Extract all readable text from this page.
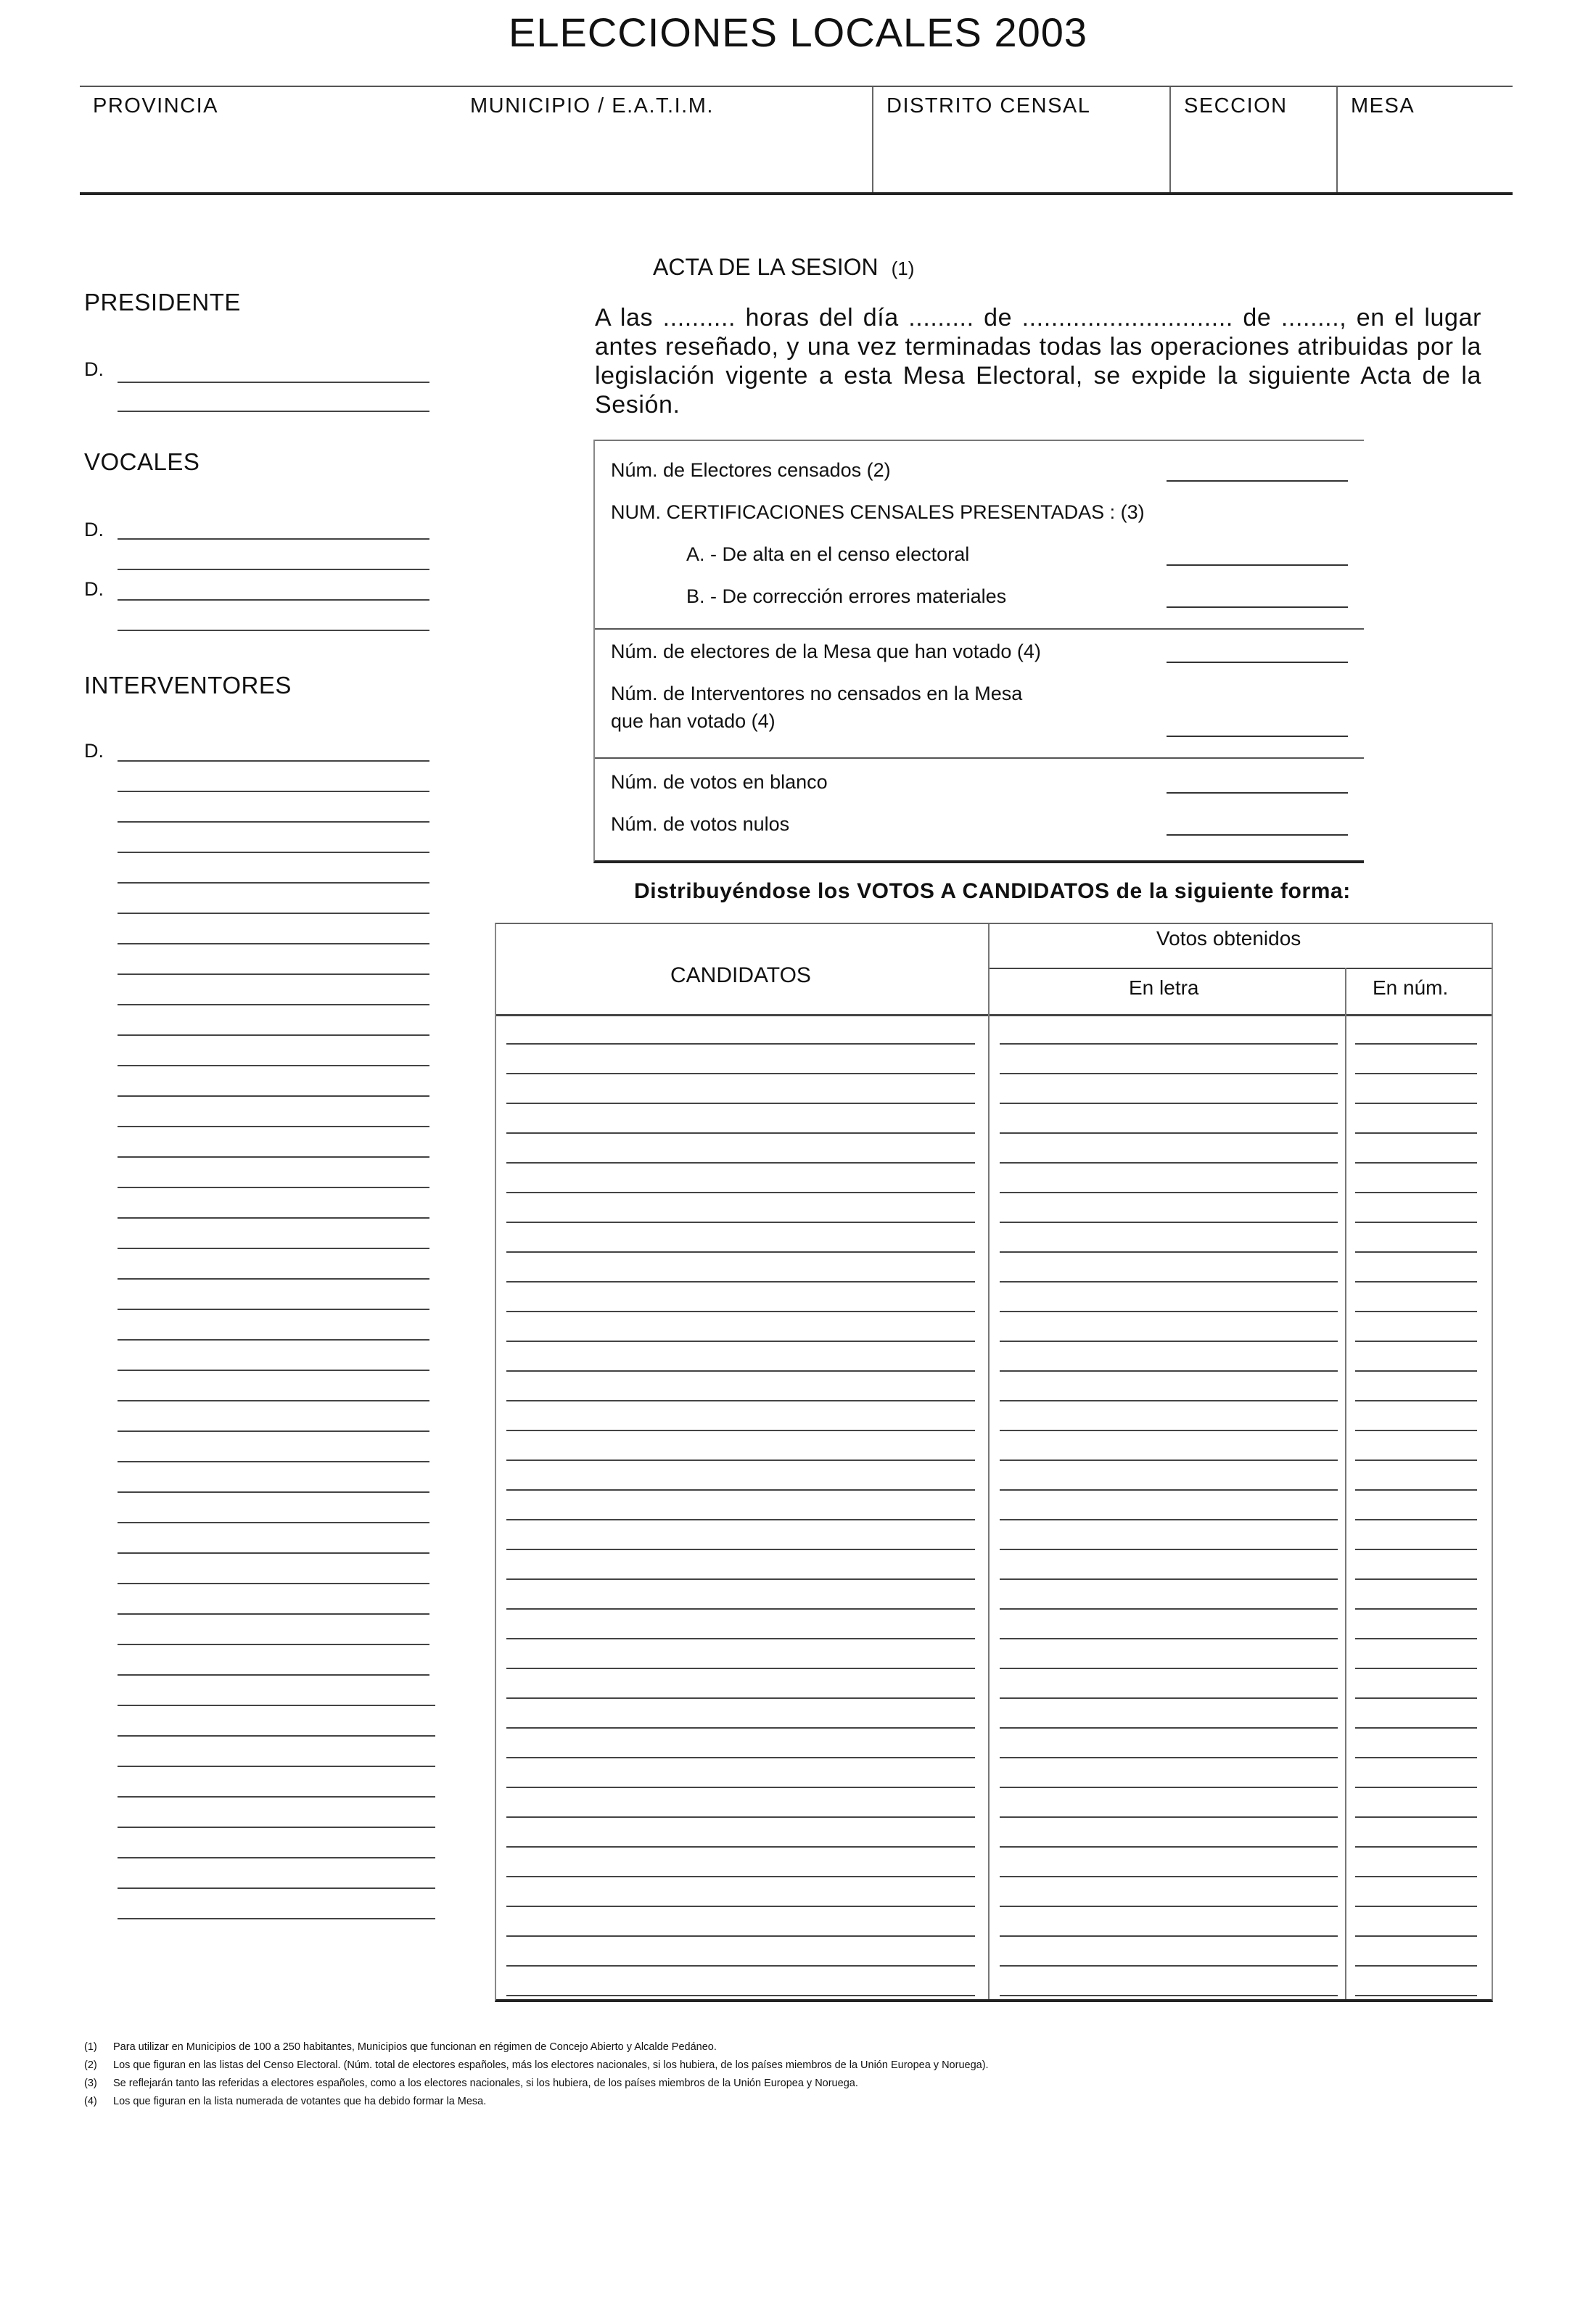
ELECCIONES LOCALES 2003
PROVINCIA	MUNICIPIO / E.A.T.I.M.	DISTRITO CENSAL	SECCION	MESA
PRESIDENTE
D.
VOCALES
D.
D.
INTERVENTORES
D.
ACTA DE LA SESION (1)
A las .......... horas del día ......... de ............................. de ........, en el lugar antes reseñado, y una vez terminadas todas las operaciones atribuidas por la legislación vigente a esta Mesa Electoral, se expide la siguiente Acta de la Sesión.
Núm. de Electores censados (2)
NUM. CERTIFICACIONES CENSALES PRESENTADAS : (3)
A. - De alta en el censo electoral
B. - De corrección errores materiales
Núm. de electores de la Mesa que han votado (4)
Núm. de Interventores no censados en la Mesa
que han votado (4)
Núm. de votos en blanco
Núm. de votos nulos
Distribuyéndose los VOTOS A CANDIDATOS de la siguiente forma:
CANDIDATOS
Votos obtenidos
En letra	En núm.
(1) Para utilizar en Municipios de 100 a 250 habitantes, Municipios que funcionan en régimen de Concejo Abierto y Alcalde Pedáneo.
(2) Los que figuran en las listas del Censo Electoral. (Núm. total de electores españoles, más los electores nacionales, si los hubiera, de los países miembros de la Unión Europea y Noruega).
(3) Se reflejarán tanto las referidas a electores españoles, como a los electores nacionales, si los hubiera, de los países miembros de la Unión Europea y Noruega.
(4) Los que figuran en la lista numerada de votantes que ha debido formar la Mesa.
